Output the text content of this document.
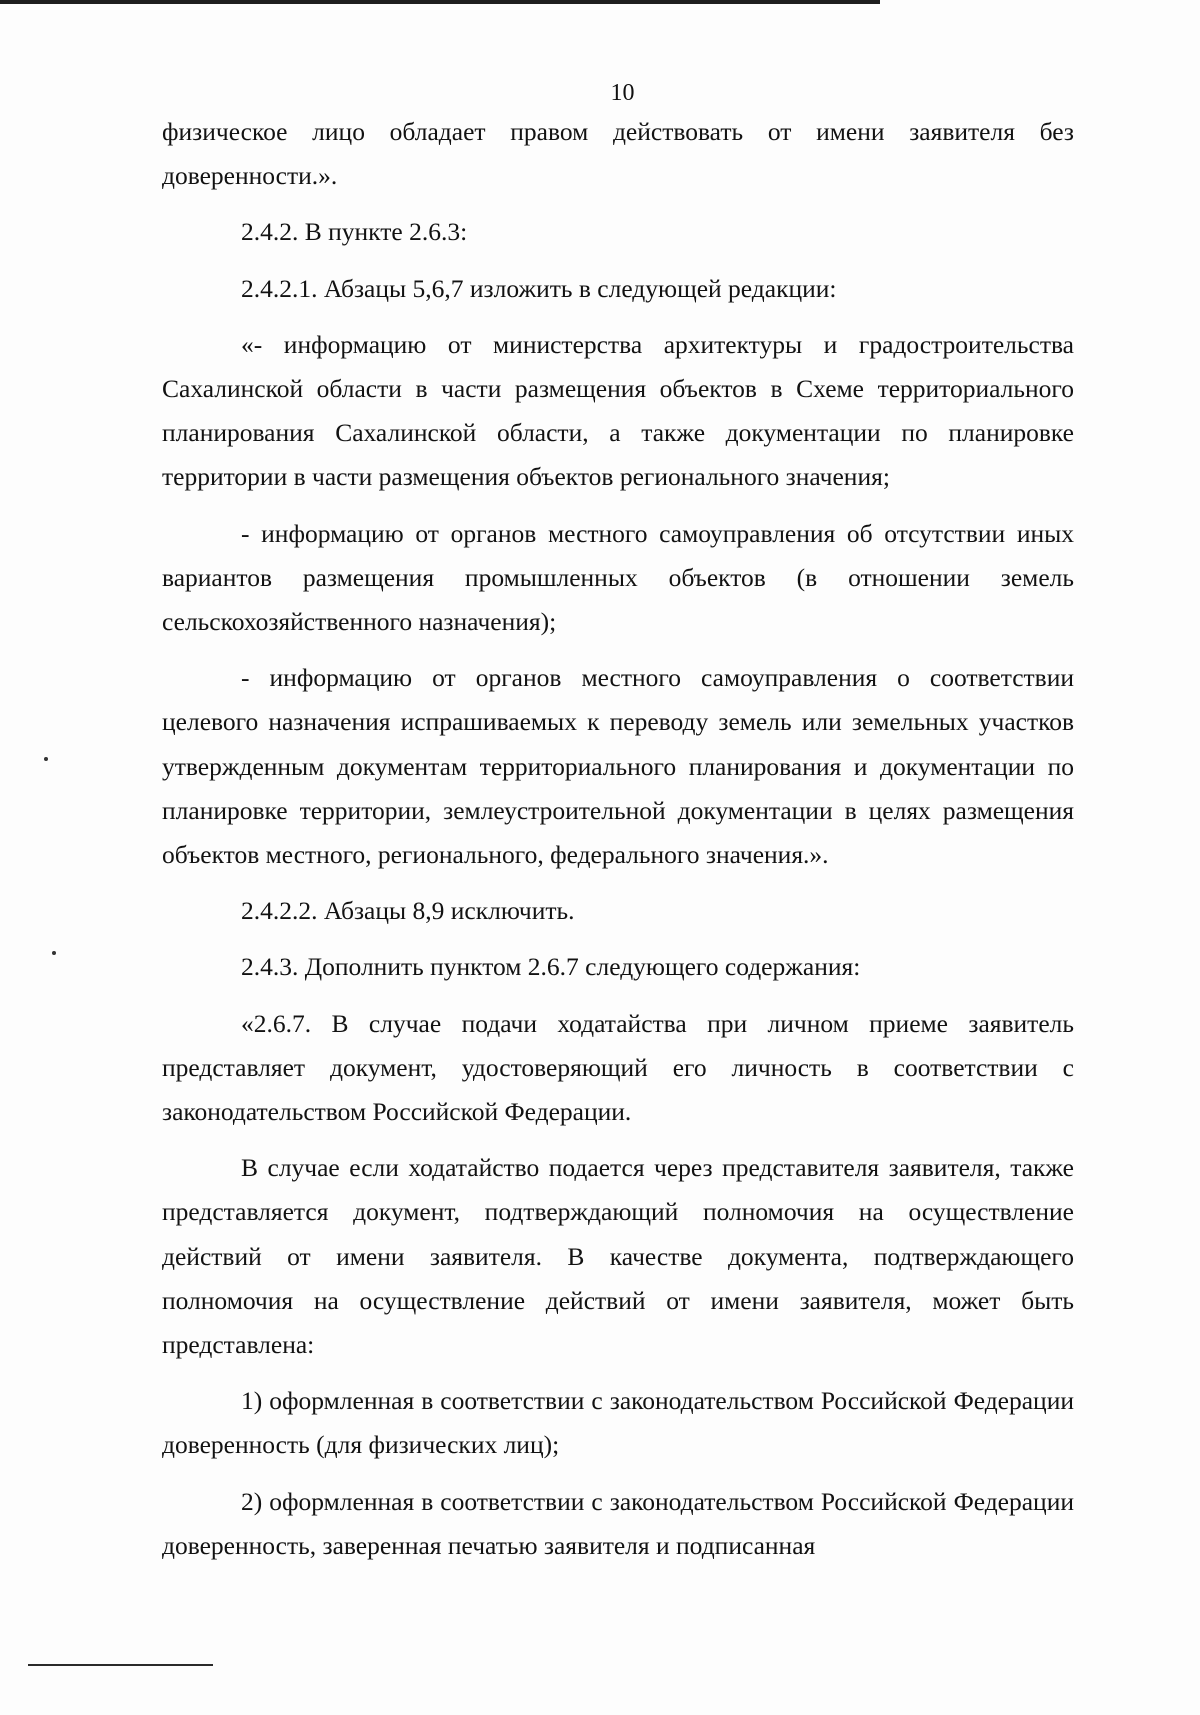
10

физическое лицо обладает правом действовать от имени заявителя без доверенности.».

2.4.2. В пункте 2.6.3:

2.4.2.1. Абзацы 5,6,7 изложить в следующей редакции:

«- информацию от министерства архитектуры и градостроительства Сахалинской области в части размещения объектов в Схеме территориального планирования Сахалинской области, а также документации по планировке территории в части размещения объектов регионального значения;

- информацию от органов местного самоуправления об отсутствии иных вариантов размещения промышленных объектов (в отношении земель сельскохозяйственного назначения);

- информацию от органов местного самоуправления о соответствии целевого назначения испрашиваемых к переводу земель или земельных участков утвержденным документам территориального планирования и документации по планировке территории, землеустроительной документации в целях размещения объектов местного, регионального, федерального значения.».

2.4.2.2. Абзацы 8,9 исключить.

2.4.3. Дополнить пунктом 2.6.7 следующего содержания:

«2.6.7. В случае подачи ходатайства при личном приеме заявитель представляет документ, удостоверяющий его личность в соответствии с законодательством Российской Федерации.

В случае если ходатайство подается через представителя заявителя, также представляется документ, подтверждающий полномочия на осуществление действий от имени заявителя. В качестве документа, подтверждающего полномочия на осуществление действий от имени заявителя, может быть представлена:

1) оформленная в соответствии с законодательством Российской Федерации доверенность (для физических лиц);

2) оформленная в соответствии с законодательством Российской Федерации доверенность, заверенная печатью заявителя и подписанная
